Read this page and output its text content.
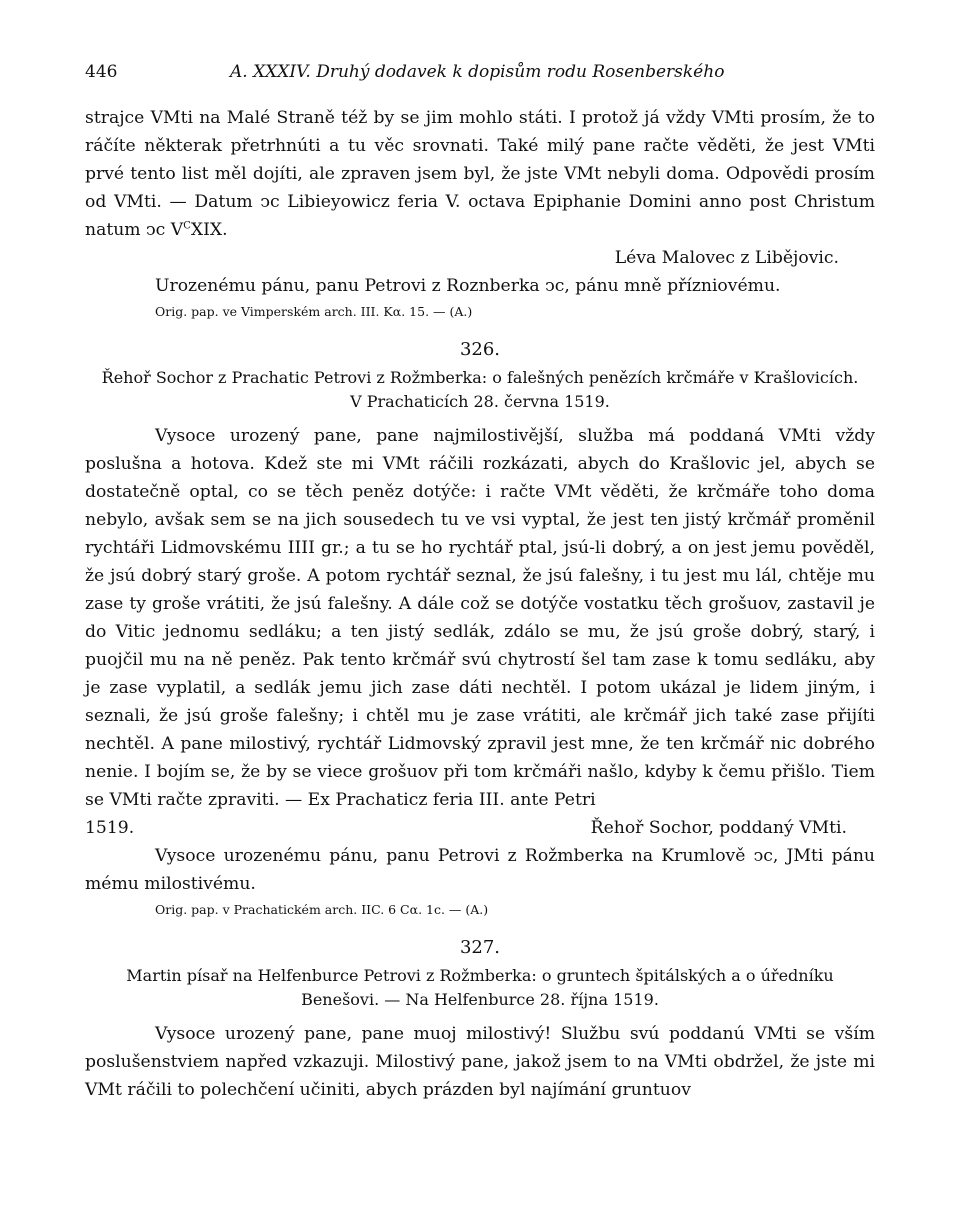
446	A. XXXIV. Druhý dodavek k dopisům rodu Rosenberského

strajce VMti na Malé Straně též by se jim mohlo státi. I protož já vždy VMti prosím, že to ráčíte některak přetrhnúti a tu věc srovnati. Také milý pane račte věděti, že jest VMti prvé tento list měl dojíti, ale zpraven jsem byl, že jste VMt nebyli doma. Odpovědi prosím od VMti. — Datum ↄc Libieyowicz feria V. octava Epiphanie Domini anno post Christum natum ↄc $V^CXIX$.

Léva Malovec z Libějovic.

Urozenému pánu, panu Petrovi z Roznberka ↄc, pánu mně přízniovému.

Orig. pap. ve Vimperském arch. III. Κα. 15. — (A.)

326.

Řehoř Sochor z Prachatic Petrovi z Rožmberka: o falešných penězích krčmáře v Krašlovicích.
V Prachaticích 28. června 1519.

Vysoce urozený pane, pane najmilostivější, služba má poddaná VMti vždy poslušna a hotova. Kdež ste mi VMt ráčili rozkázati, abych do Krašlovic jel, abych se dostatečně optal, co se těch peněz dotýče: i račte VMt věděti, že krčmáře toho doma nebylo, avšak sem se na jich sousedech tu ve vsi vyptal, že jest ten jistý krčmář proměnil rychtáři Lidmovskému IIII gr.; a tu se ho rychtář ptal, jsú-li dobrý, a on jest jemu pověděl, že jsú dobrý starý groše. A potom rychtář seznal, že jsú falešny, i tu jest mu lál, chtěje mu zase ty groše vrátiti, že jsú falešny. A dále což se dotýče vostatku těch grošuov, zastavil je do Vitic jednomu sedláku; a ten jistý sedlák, zdálo se mu, že jsú groše dobrý, starý, i puojčil mu na ně peněz. Pak tento krčmář svú chytrostí šel tam zase k tomu sedláku, aby je zase vyplatil, a sedlák jemu jich zase dáti nechtěl. I potom ukázal je lidem jiným, i seznali, že jsú groše falešny; i chtěl mu je zase vrátiti, ale krčmář jich také zase přijíti nechtěl. A pane milostivý, rychtář Lidmovský zpravil jest mne, že ten krčmář nic dobrého nenie. I bojím se, že by se viece grošuov při tom krčmáři našlo, kdyby k čemu přišlo. Tiem se VMti račte zpraviti. — Ex Prachaticz feria III. ante Petri

1519.	Řehoř Sochor, poddaný VMti.

Vysoce urozenému pánu, panu Petrovi z Rožmberka na Krumlově ↄc, JMti pánu mému milostivému.

Orig. pap. v Prachatickém arch. IIC. 6 Cα. 1c. — (A.)

327.

Martin písař na Helfenburce Petrovi z Rožmberka: o gruntech špitálských a o úředníku
Benešovi. — Na Helfenburce 28. října 1519.

Vysoce urozený pane, pane muoj milostivý! Službu svú poddanú VMti se vším poslušenstviem napřed vzkazuji. Milostivý pane, jakož jsem to na VMti obdržel, že jste mi VMt ráčili to polechčení učiniti, abych prázden byl najímání gruntuov
